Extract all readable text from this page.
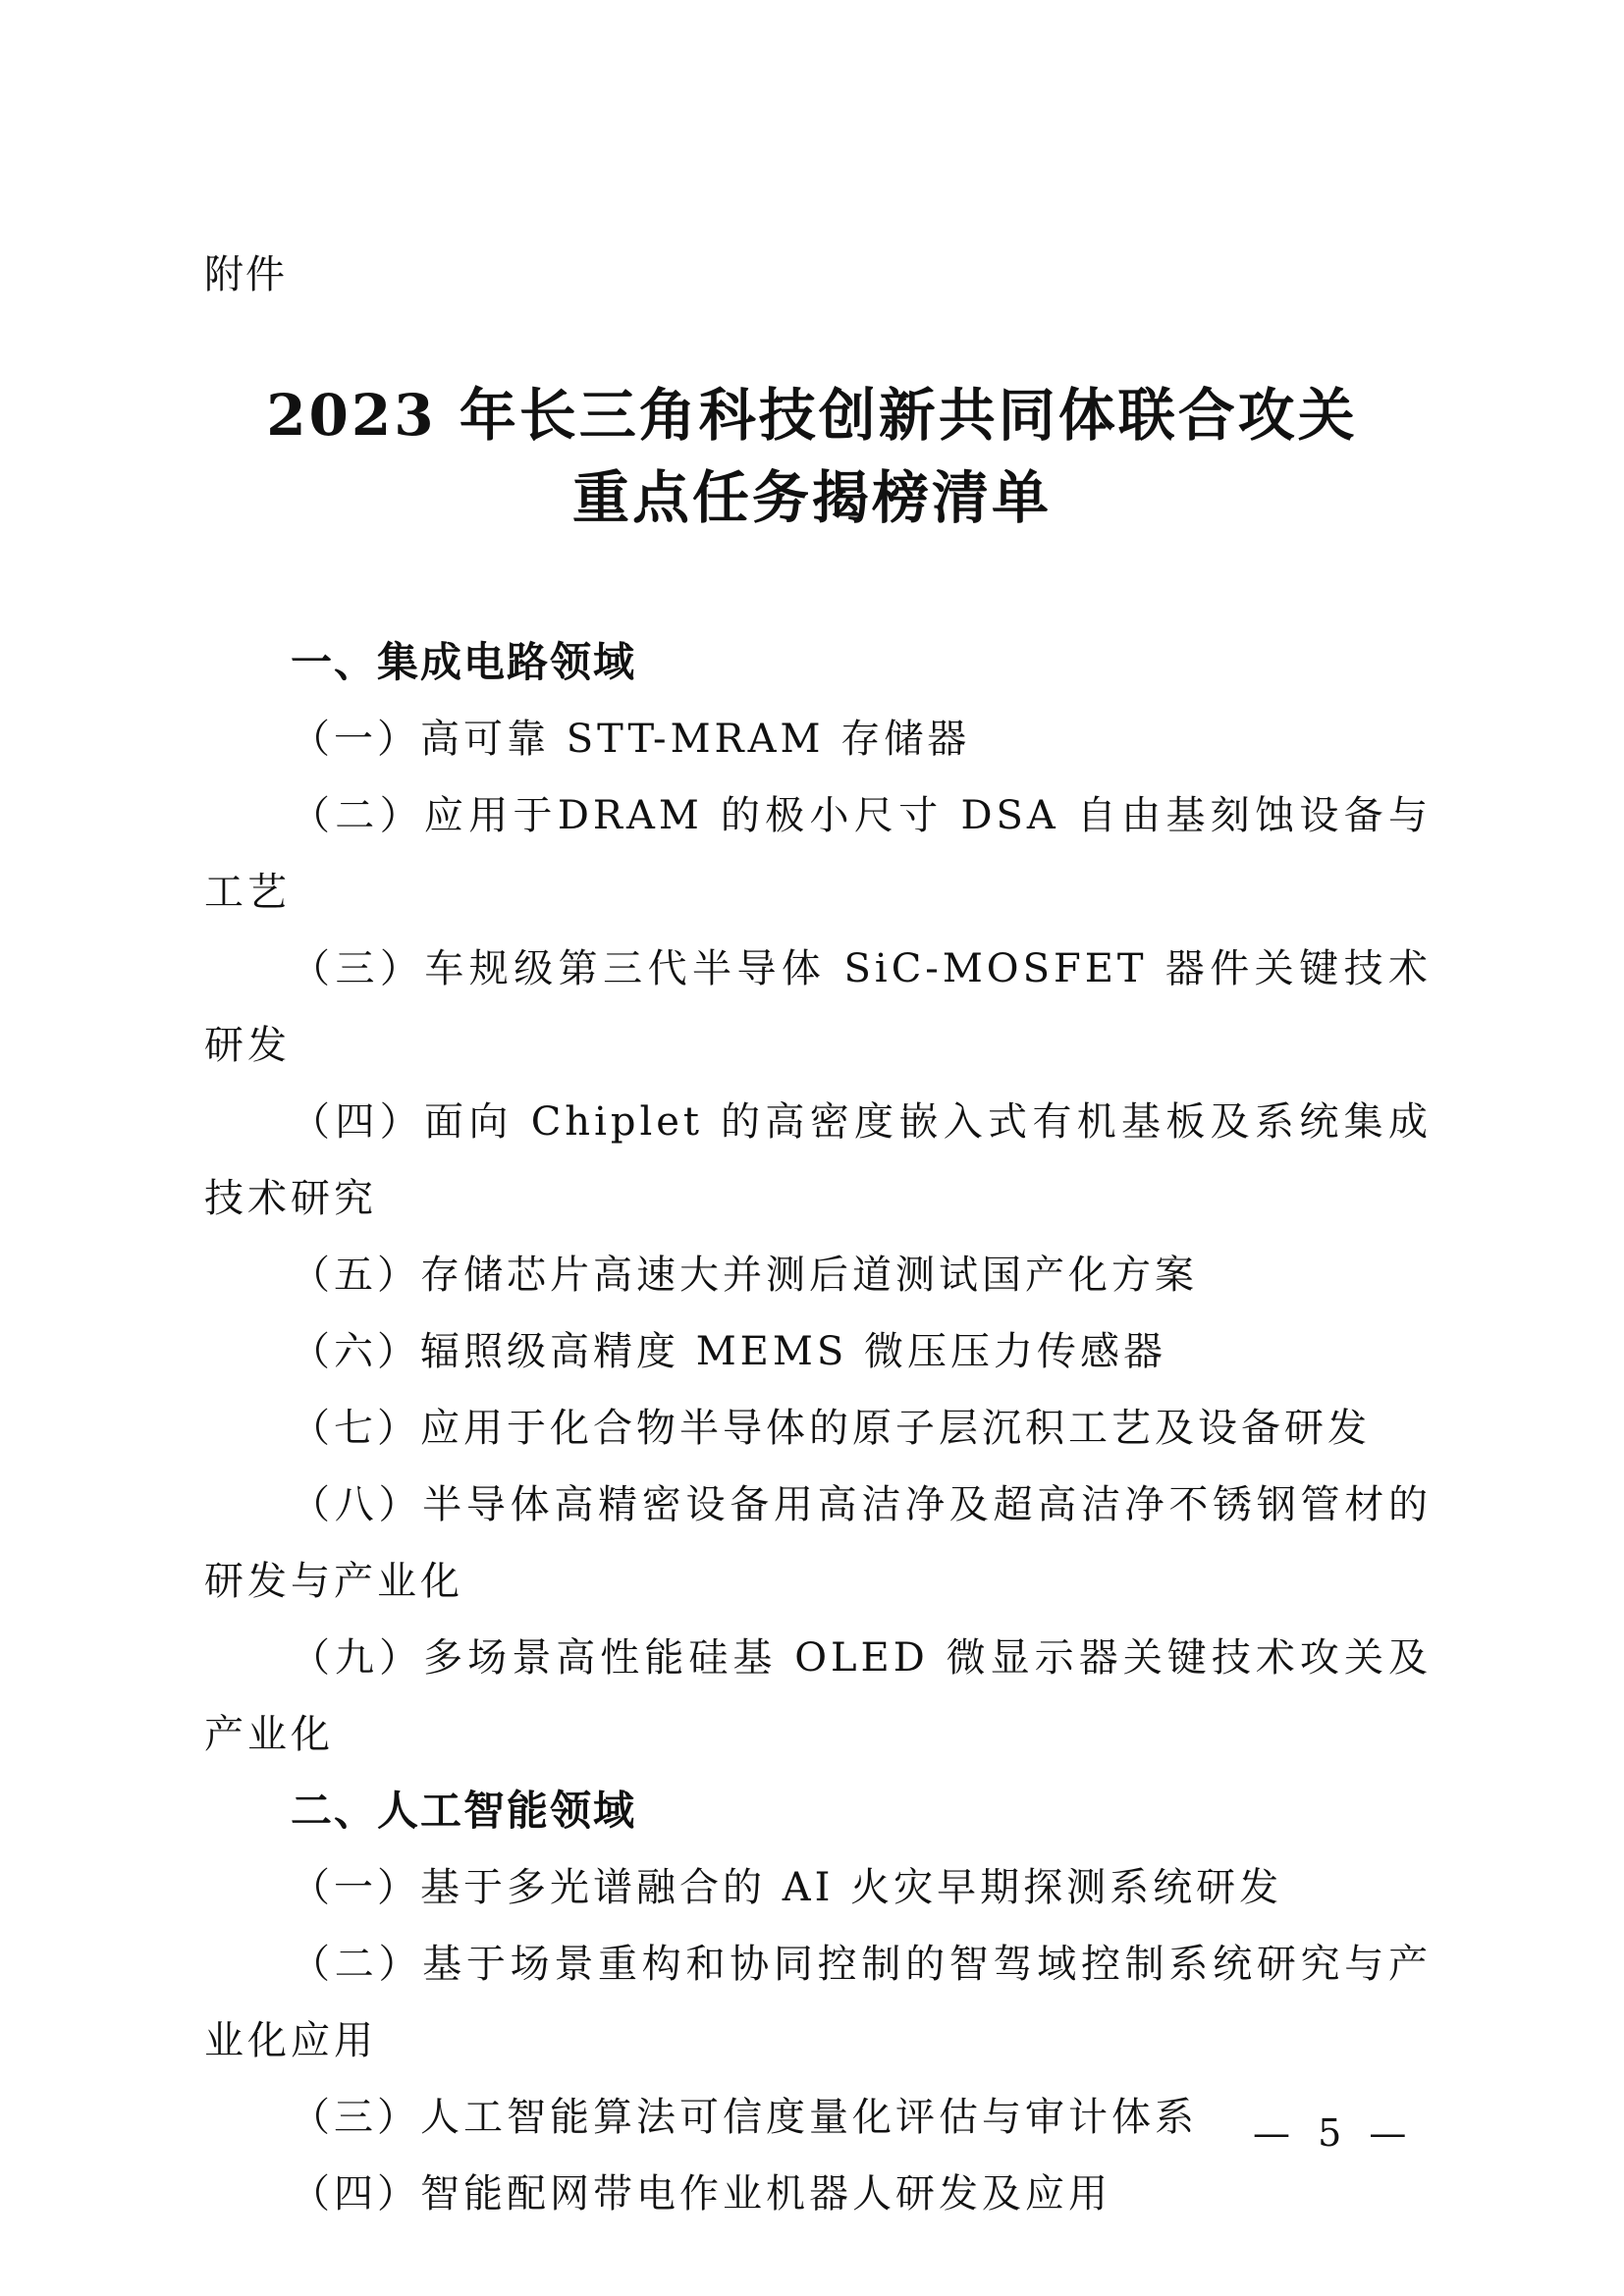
附件
2023 年长三角科技创新共同体联合攻关
重点任务揭榜清单
一、集成电路领域
（一）高可靠 STT-MRAM 存储器
（二）应用于DRAM 的极小尺寸 DSA 自由基刻蚀设备与工艺
（三）车规级第三代半导体 SiC-MOSFET 器件关键技术研发
（四）面向 Chiplet 的高密度嵌入式有机基板及系统集成技术研究
（五）存储芯片高速大并测后道测试国产化方案
（六）辐照级高精度 MEMS 微压压力传感器
（七）应用于化合物半导体的原子层沉积工艺及设备研发
（八）半导体高精密设备用高洁净及超高洁净不锈钢管材的研发与产业化
（九）多场景高性能硅基 OLED 微显示器关键技术攻关及产业化
二、人工智能领域
（一）基于多光谱融合的 AI 火灾早期探测系统研发
（二）基于场景重构和协同控制的智驾域控制系统研究与产业化应用
（三）人工智能算法可信度量化评估与审计体系
（四）智能配网带电作业机器人研发及应用
— 5 —
